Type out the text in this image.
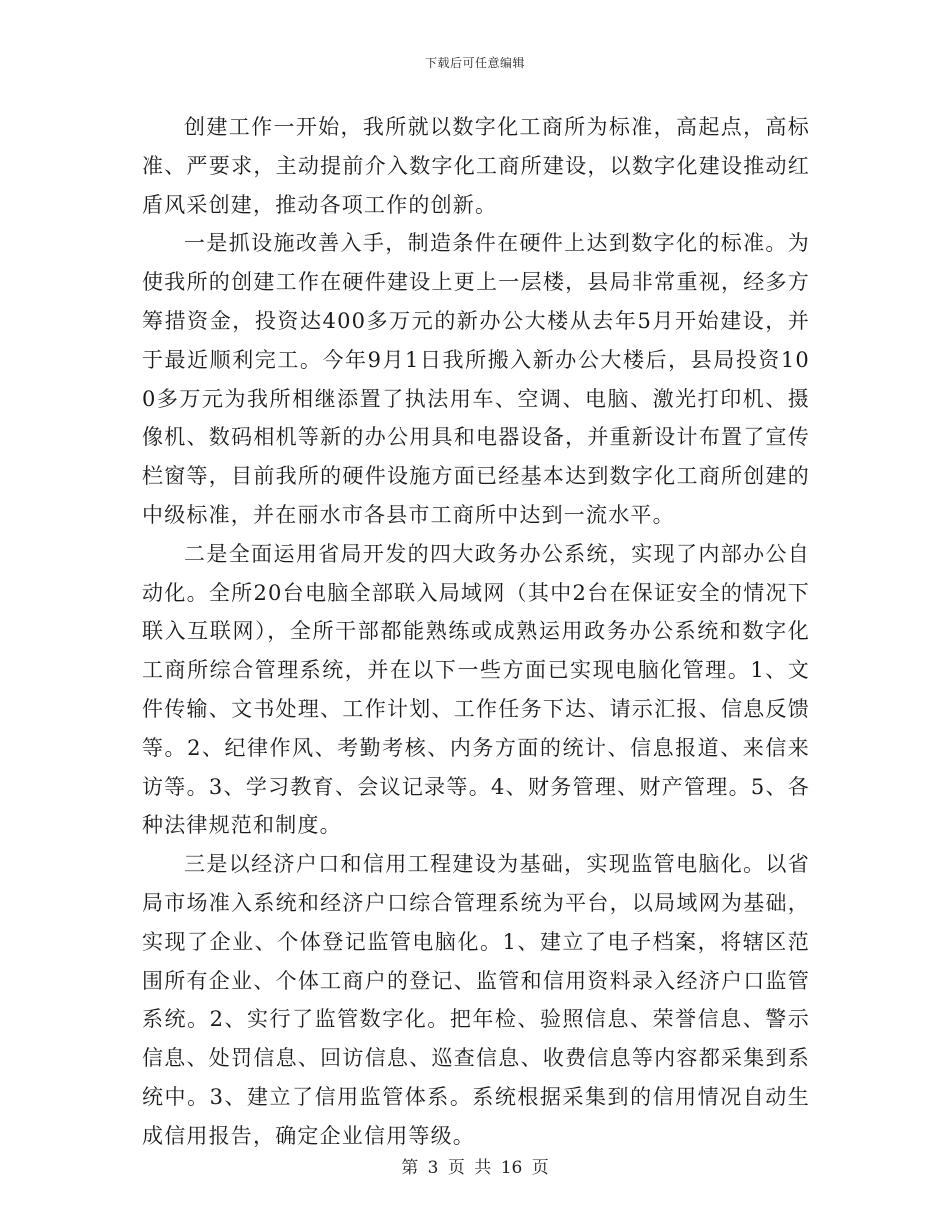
下载后可任意编辑

创建工作一开始，我所就以数字化工商所为标准，高起点，高标准、严要求，主动提前介入数字化工商所建设，以数字化建设推动红盾风采创建，推动各项工作的创新。

一是抓设施改善入手，制造条件在硬件上达到数字化的标准。为使我所的创建工作在硬件建设上更上一层楼，县局非常重视，经多方筹措资金，投资达400多万元的新办公大楼从去年5月开始建设，并于最近顺利完工。今年9月1日我所搬入新办公大楼后，县局投资100多万元为我所相继添置了执法用车、空调、电脑、激光打印机、摄像机、数码相机等新的办公用具和电器设备，并重新设计布置了宣传栏窗等，目前我所的硬件设施方面已经基本达到数字化工商所创建的中级标准，并在丽水市各县市工商所中达到一流水平。

二是全面运用省局开发的四大政务办公系统，实现了内部办公自动化。全所20台电脑全部联入局域网（其中2台在保证安全的情况下联入互联网），全所干部都能熟练或成熟运用政务办公系统和数字化工商所综合管理系统，并在以下一些方面已实现电脑化管理。1、文件传输、文书处理、工作计划、工作任务下达、请示汇报、信息反馈等。2、纪律作风、考勤考核、内务方面的统计、信息报道、来信来访等。3、学习教育、会议记录等。4、财务管理、财产管理。5、各种法律规范和制度。

三是以经济户口和信用工程建设为基础，实现监管电脑化。以省局市场准入系统和经济户口综合管理系统为平台，以局域网为基础，实现了企业、个体登记监管电脑化。1、建立了电子档案，将辖区范围所有企业、个体工商户的登记、监管和信用资料录入经济户口监管系统。2、实行了监管数字化。把年检、验照信息、荣誉信息、警示信息、处罚信息、回访信息、巡查信息、收费信息等内容都采集到系统中。3、建立了信用监管体系。系统根据采集到的信用情况自动生成信用报告，确定企业信用等级。

第 3 页 共 16 页
